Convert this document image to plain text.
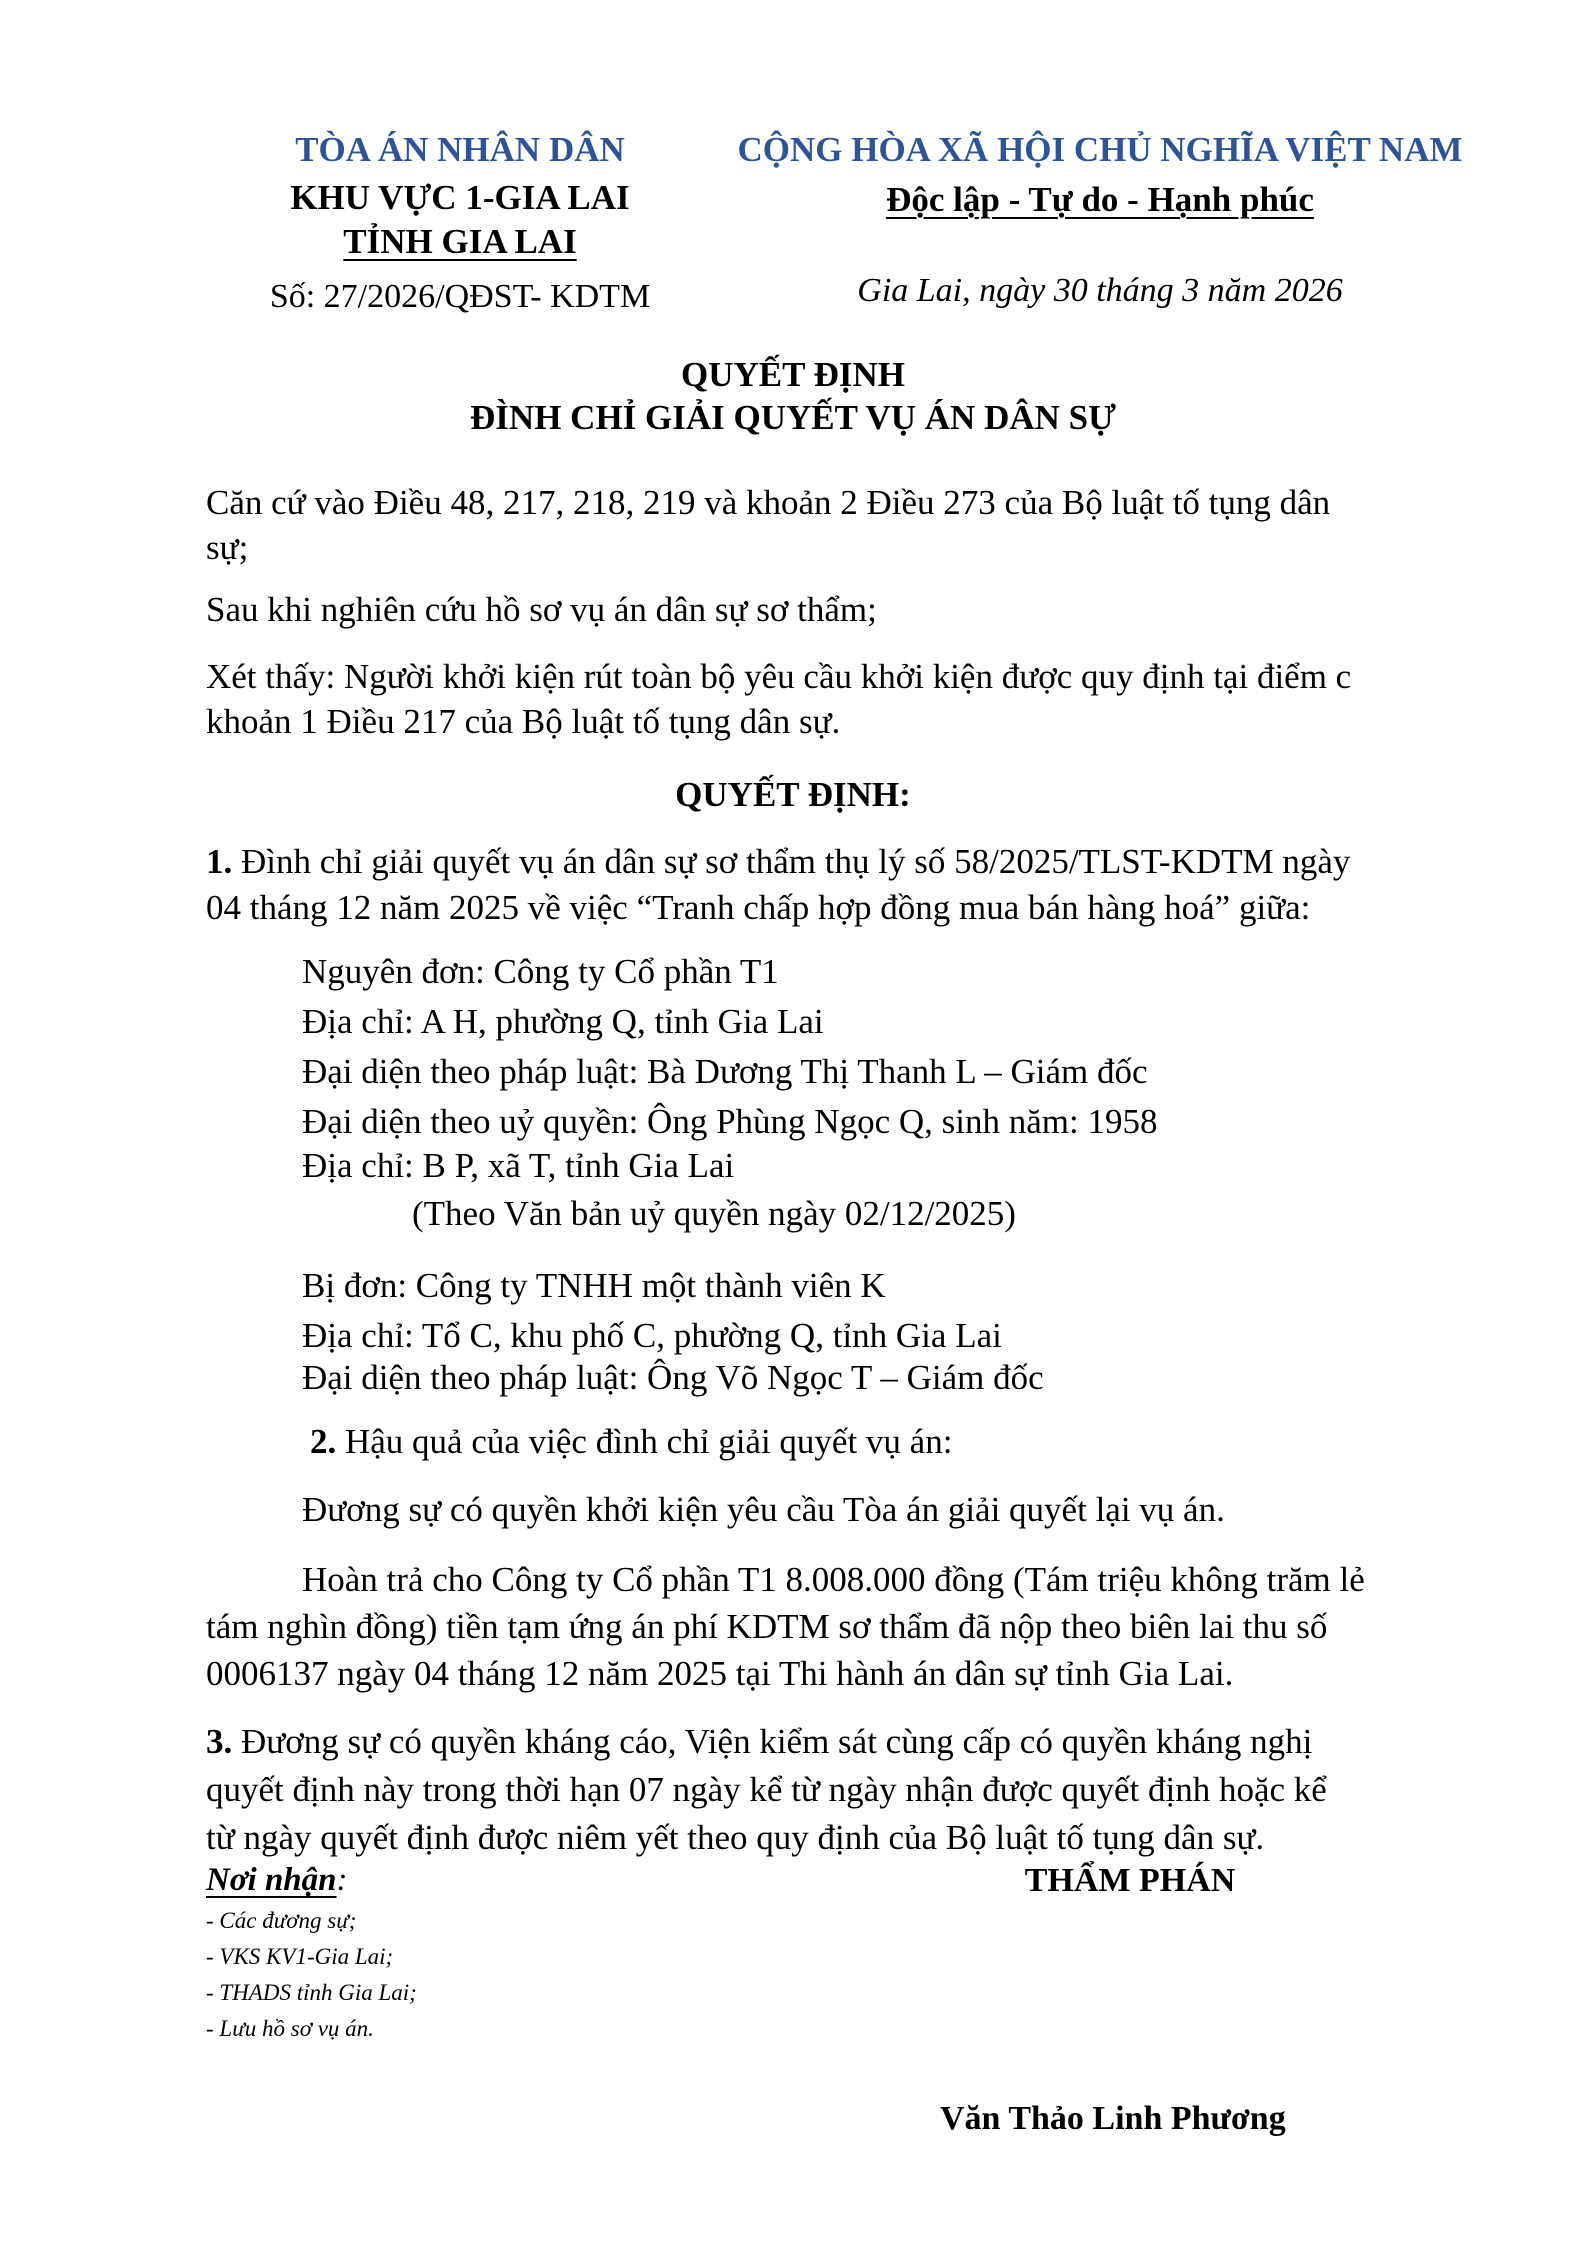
TÒA ÁN NHÂN DÂN
KHU VỰC 1-GIA LAI
TỈNH GIA LAI
Số: 27/2026/QĐST- KDTM
CỘNG HÒA XÃ HỘI CHỦ NGHĨA VIỆT NAM
Độc lập - Tự do - Hạnh phúc
Gia Lai, ngày 30 tháng 3 năm 2026
QUYẾT ĐỊNH
ĐÌNH CHỈ GIẢI QUYẾT VỤ ÁN DÂN SỰ
Căn cứ vào Điều 48, 217, 218, 219 và khoản 2 Điều 273 của Bộ luật tố tụng dân
sự;
Sau khi nghiên cứu hồ sơ vụ án dân sự sơ thẩm;
Xét thấy: Người khởi kiện rút toàn bộ yêu cầu khởi kiện được quy định tại điểm c
khoản 1 Điều 217 của Bộ luật tố tụng dân sự.
QUYẾT ĐỊNH:
1. Đình chỉ giải quyết vụ án dân sự sơ thẩm thụ lý số 58/2025/TLST-KDTM ngày
04 tháng 12 năm 2025 về việc “Tranh chấp hợp đồng mua bán hàng hoá” giữa:
Nguyên đơn: Công ty Cổ phần T1
Địa chỉ: A H, phường Q, tỉnh Gia Lai
Đại diện theo pháp luật: Bà Dương Thị Thanh L – Giám đốc
Đại diện theo uỷ quyền: Ông Phùng Ngọc Q, sinh năm: 1958
Địa chỉ: B P, xã T, tỉnh Gia Lai
(Theo Văn bản uỷ quyền ngày 02/12/2025)
Bị đơn: Công ty TNHH một thành viên K
Địa chỉ: Tổ C, khu phố C, phường Q, tỉnh Gia Lai
Đại diện theo pháp luật: Ông Võ Ngọc T – Giám đốc
2. Hậu quả của việc đình chỉ giải quyết vụ án:
Đương sự có quyền khởi kiện yêu cầu Tòa án giải quyết lại vụ án.
Hoàn trả cho Công ty Cổ phần T1 8.008.000 đồng (Tám triệu không trăm lẻ
tám nghìn đồng) tiền tạm ứng án phí KDTM sơ thẩm đã nộp theo biên lai thu số
0006137 ngày 04 tháng 12 năm 2025 tại Thi hành án dân sự tỉnh Gia Lai.
3. Đương sự có quyền kháng cáo, Viện kiểm sát cùng cấp có quyền kháng nghị
quyết định này trong thời hạn 07 ngày kể từ ngày nhận được quyết định hoặc kể
từ ngày quyết định được niêm yết theo quy định của Bộ luật tố tụng dân sự.
Nơi nhận:
- Các đương sự;
- VKS KV1-Gia Lai;
- THADS tỉnh Gia Lai;
- Lưu hồ sơ vụ án.
THẨM PHÁN
Văn Thảo Linh Phương
